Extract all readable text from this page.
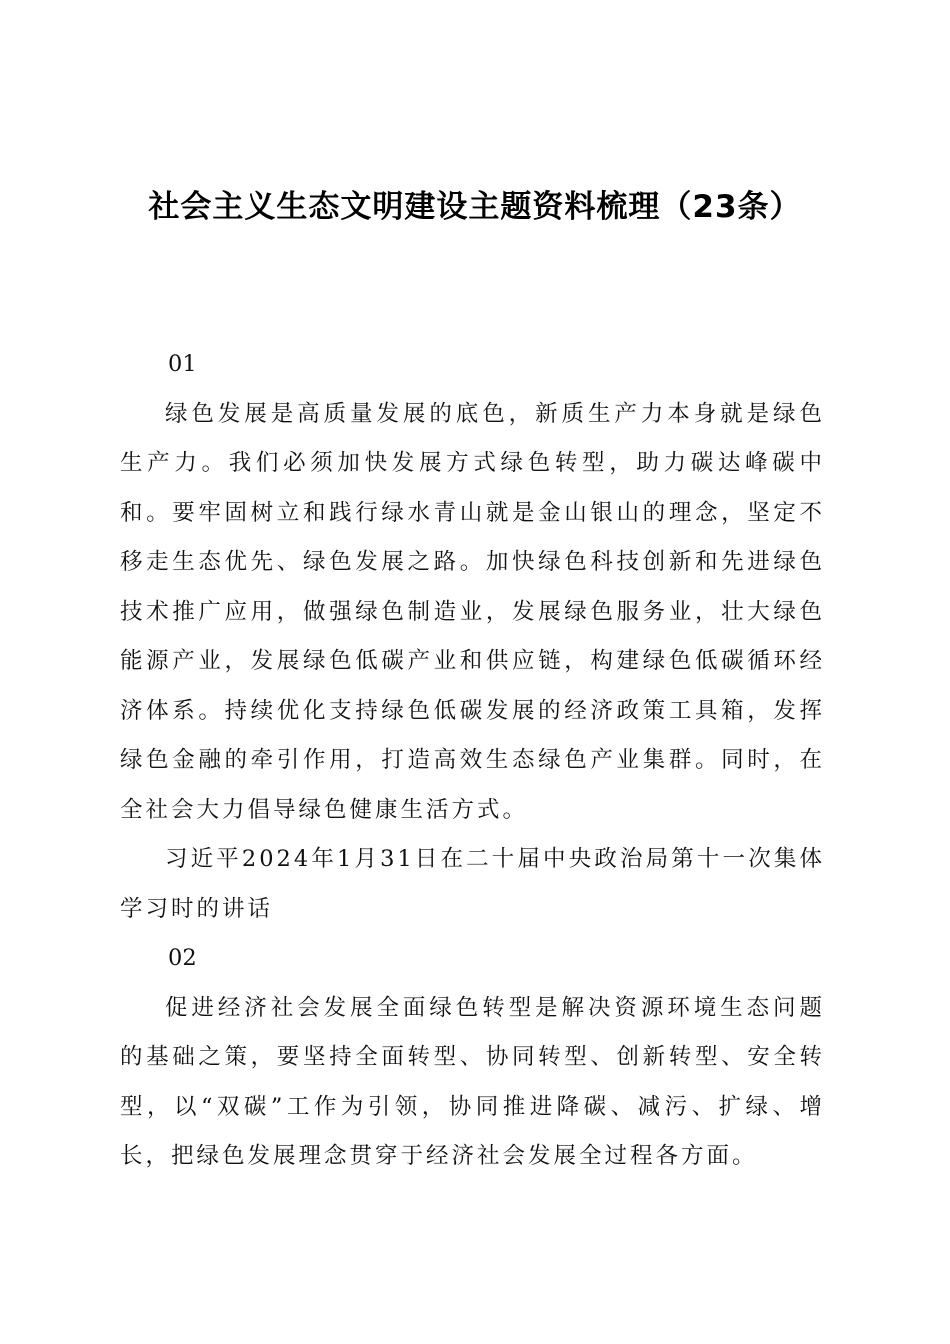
社会主义生态文明建设主题资料梳理（23条）

01

绿色发展是高质量发展的底色，新质生产力本身就是绿色生产力。我们必须加快发展方式绿色转型，助力碳达峰碳中和。要牢固树立和践行绿水青山就是金山银山的理念，坚定不移走生态优先、绿色发展之路。加快绿色科技创新和先进绿色技术推广应用，做强绿色制造业，发展绿色服务业，壮大绿色能源产业，发展绿色低碳产业和供应链，构建绿色低碳循环经济体系。持续优化支持绿色低碳发展的经济政策工具箱，发挥绿色金融的牵引作用，打造高效生态绿色产业集群。同时，在全社会大力倡导绿色健康生活方式。

习近平2024年1月31日在二十届中央政治局第十一次集体学习时的讲话

02

促进经济社会发展全面绿色转型是解决资源环境生态问题的基础之策，要坚持全面转型、协同转型、创新转型、安全转型，以“双碳”工作为引领，协同推进降碳、减污、扩绿、增长，把绿色发展理念贯穿于经济社会发展全过程各方面。
